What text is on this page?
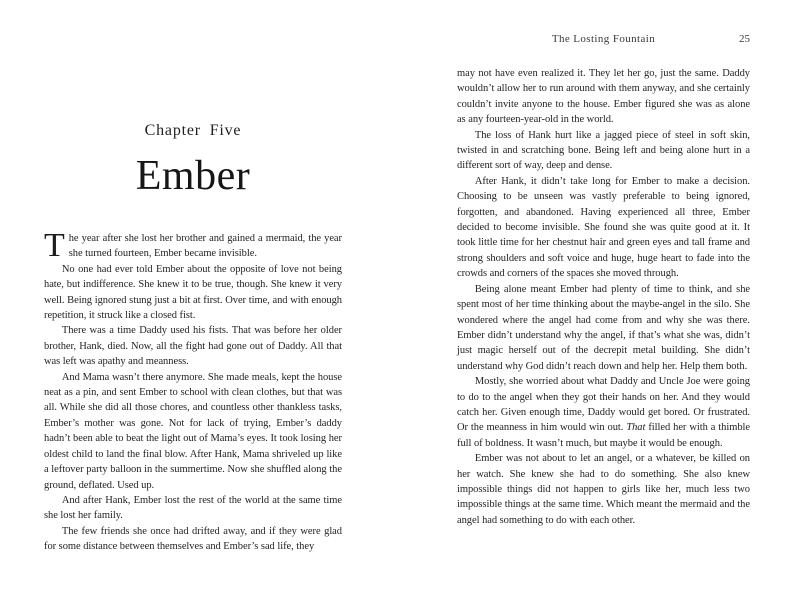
Chapter Five
Ember

The year after she lost her brother and gained a mermaid, the year she turned fourteen, Ember became invisible.

No one had ever told Ember about the opposite of love not being hate, but indifference. She knew it to be true, though. She knew it very well. Being ignored stung just a bit at first. Over time, and with enough repetition, it struck like a closed fist.

There was a time Daddy used his fists. That was before her older brother, Hank, died. Now, all the fight had gone out of Daddy. All that was left was apathy and meanness.

And Mama wasn’t there anymore. She made meals, kept the house neat as a pin, and sent Ember to school with clean clothes, but that was all. While she did all those chores, and countless other thankless tasks, Ember’s mother was gone. Not for lack of trying, Ember’s daddy hadn’t been able to beat the light out of Mama’s eyes. It took losing her oldest child to land the final blow. After Hank, Mama shriveled up like a leftover party balloon in the summertime. Now she shuffled along the ground, deflated. Used up.

And after Hank, Ember lost the rest of the world at the same time she lost her family.

The few friends she once had drifted away, and if they were glad for some distance between themselves and Ember’s sad life, they

The Losting Fountain	25

may not have even realized it. They let her go, just the same. Daddy wouldn’t allow her to run around with them anyway, and she certainly couldn’t invite anyone to the house. Ember figured she was as alone as any fourteen-year-old in the world.

The loss of Hank hurt like a jagged piece of steel in soft skin, twisted in and scratching bone. Being left and being alone hurt in a different sort of way, deep and dense.

After Hank, it didn’t take long for Ember to make a decision. Choosing to be unseen was vastly preferable to being ignored, forgotten, and abandoned. Having experienced all three, Ember decided to become invisible. She found she was quite good at it. It took little time for her chestnut hair and green eyes and tall frame and strong shoulders and soft voice and huge, huge heart to fade into the crowds and corners of the spaces she moved through.

Being alone meant Ember had plenty of time to think, and she spent most of her time thinking about the maybe-angel in the silo. She wondered where the angel had come from and why she was there. Ember didn’t understand why the angel, if that’s what she was, didn’t just magic herself out of the decrepit metal building. She didn’t understand why God didn’t reach down and help her. Help them both.

Mostly, she worried about what Daddy and Uncle Joe were going to do to the angel when they got their hands on her. And they would catch her. Given enough time, Daddy would get bored. Or frustrated. Or the meanness in him would win out. That filled her with a thimble full of boldness. It wasn’t much, but maybe it would be enough.

Ember was not about to let an angel, or a whatever, be killed on her watch. She knew she had to do something. She also knew impossible things did not happen to girls like her, much less two impossible things at the same time. Which meant the mermaid and the angel had something to do with each other.
